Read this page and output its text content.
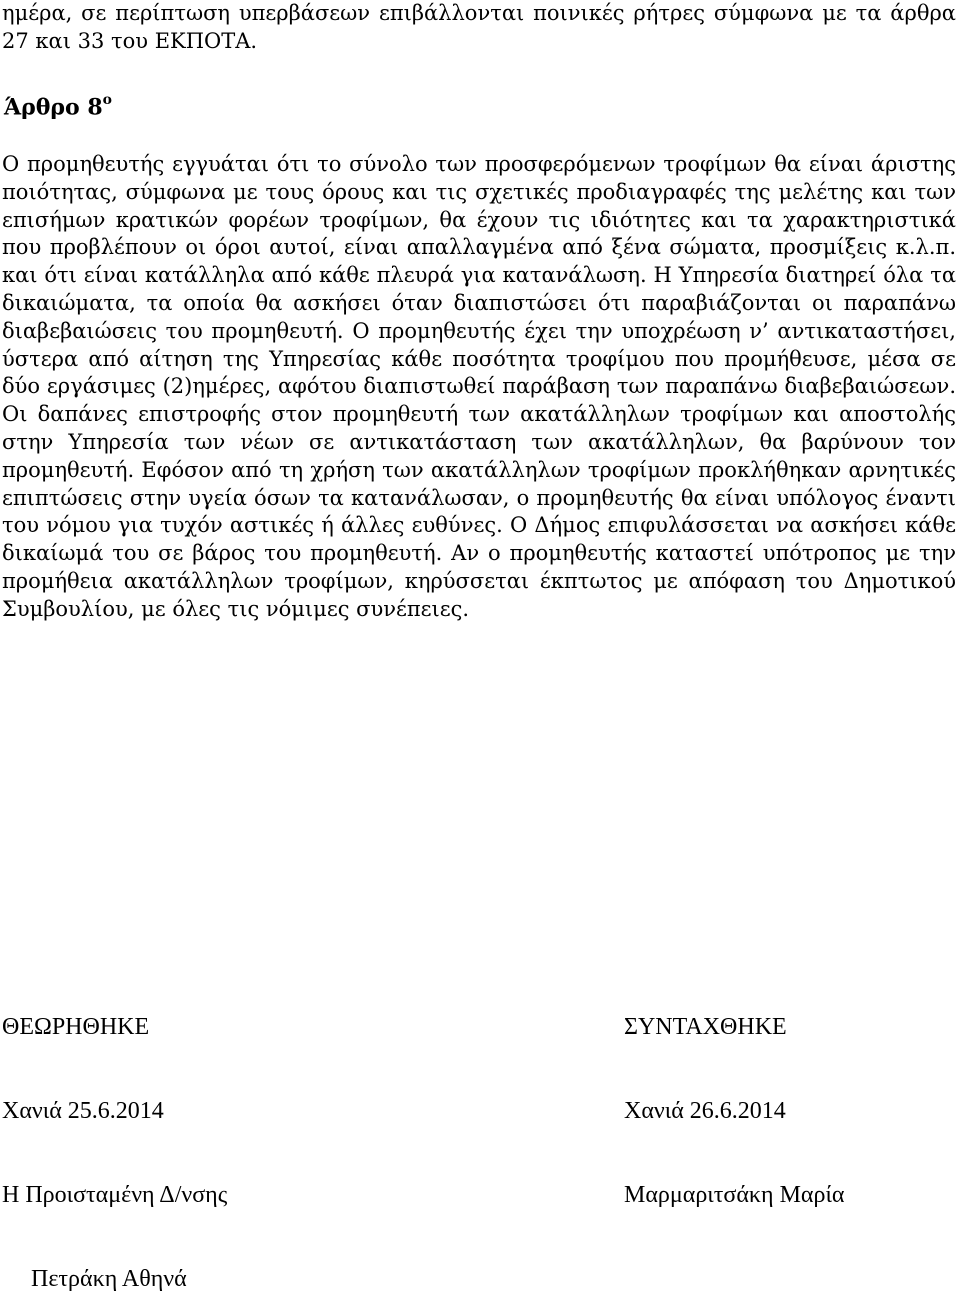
ημέρα, σε περίπτωση υπερβάσεων επιβάλλονται ποινικές ρήτρες σύμφωνα με τα άρθρα 27 και 33 του ΕΚΠΟΤΑ.

Άρθρο $8^o$

Ο προμηθευτής εγγυάται ότι το σύνολο των προσφερόμενων τροφίμων θα είναι άριστης ποιότητας, σύμφωνα με τους όρους και τις σχετικές προδιαγραφές της μελέτης και των επισήμων κρατικών φορέων τροφίμων, θα έχουν τις ιδιότητες και τα χαρακτηριστικά που προβλέπουν οι όροι αυτοί, είναι απαλλαγμένα από ξένα σώματα, προσμίξεις κ.λ.π. και ότι είναι κατάλληλα από κάθε πλευρά για κατανάλωση. Η Υπηρεσία διατηρεί όλα τα δικαιώματα, τα οποία θα ασκήσει όταν διαπιστώσει ότι παραβιάζονται οι παραπάνω διαβεβαιώσεις του προμηθευτή. Ο προμηθευτής έχει την υποχρέωση ν’ αντικαταστήσει, ύστερα από αίτηση της Υπηρεσίας κάθε ποσότητα τροφίμου που προμήθευσε, μέσα σε δύο εργάσιμες (2)ημέρες, αφότου διαπιστωθεί παράβαση των παραπάνω διαβεβαιώσεων. Οι δαπάνες επιστροφής στον προμηθευτή των ακατάλληλων τροφίμων και αποστολής στην Υπηρεσία των νέων σε αντικατάσταση των ακατάλληλων, θα βαρύνουν τον προμηθευτή. Εφόσον από τη χρήση των ακατάλληλων τροφίμων προκλήθηκαν αρνητικές επιπτώσεις στην υγεία όσων τα κατανάλωσαν, ο προμηθευτής θα είναι υπόλογος έναντι του νόμου για τυχόν αστικές ή άλλες ευθύνες. Ο Δήμος επιφυλάσσεται να ασκήσει κάθε δικαίωμά του σε βάρος του προμηθευτή. Αν ο προμηθευτής καταστεί υπότροπος με την προμήθεια ακατάλληλων τροφίμων, κηρύσσεται έκπτωτος με απόφαση του Δημοτικού Συμβουλίου, με όλες τις νόμιμες συνέπειες.

ΘΕΩΡΗΘΗΚΕ	ΣΥΝΤΑΧΘΗΚΕ

Χανιά 25.6.2014	Χανιά 26.6.2014

Η Προισταμένη Δ/νσης	Μαρμαριτσάκη Μαρία

Πετράκη Αθηνά
